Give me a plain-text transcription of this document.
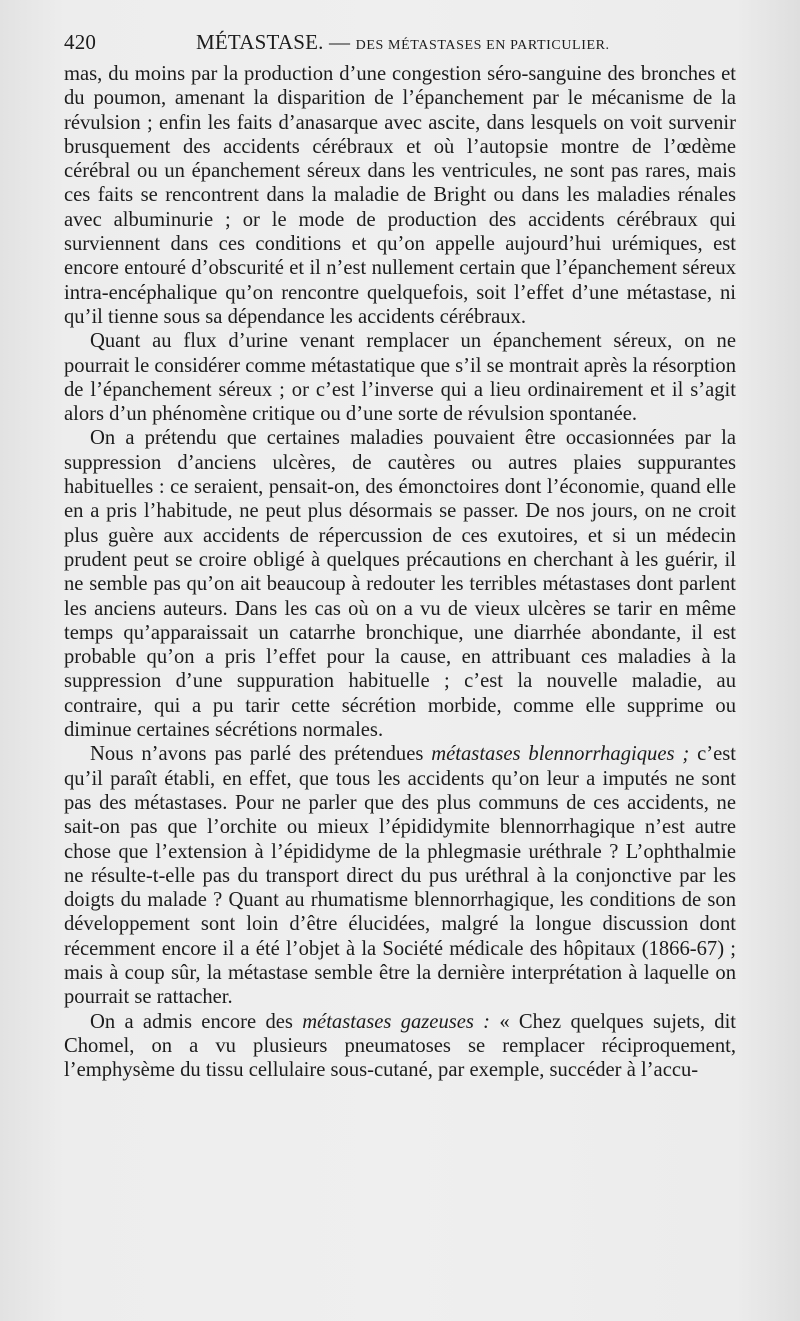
420	MÉTASTASE. — DES MÉTASTASES EN PARTICULIER.

mas, du moins par la production d’une congestion séro-sanguine des bronches et du poumon, amenant la disparition de l’épanchement par le mécanisme de la révulsion ; enfin les faits d’anasarque avec ascite, dans lesquels on voit survenir brusquement des accidents cérébraux et où l’autopsie montre de l’œdème cérébral ou un épanchement séreux dans les ventricules, ne sont pas rares, mais ces faits se rencontrent dans la maladie de Bright ou dans les maladies rénales avec albuminurie ; or le mode de production des accidents cérébraux qui surviennent dans ces conditions et qu’on appelle aujourd’hui urémiques, est encore entouré d’obscurité et il n’est nullement certain que l’épanchement séreux intra-encéphalique qu’on rencontre quelquefois, soit l’effet d’une métastase, ni qu’il tienne sous sa dépendance les accidents cérébraux.

Quant au flux d’urine venant remplacer un épanchement séreux, on ne pourrait le considérer comme métastatique que s’il se montrait après la résorption de l’épanchement séreux ; or c’est l’inverse qui a lieu ordinairement et il s’agit alors d’un phénomène critique ou d’une sorte de révulsion spontanée.

On a prétendu que certaines maladies pouvaient être occasionnées par la suppression d’anciens ulcères, de cautères ou autres plaies suppurantes habituelles : ce seraient, pensait-on, des émonctoires dont l’économie, quand elle en a pris l’habitude, ne peut plus désormais se passer. De nos jours, on ne croit plus guère aux accidents de répercussion de ces exutoires, et si un médecin prudent peut se croire obligé à quelques précautions en cherchant à les guérir, il ne semble pas qu’on ait beaucoup à redouter les terribles métastases dont parlent les anciens auteurs. Dans les cas où on a vu de vieux ulcères se tarir en même temps qu’apparaissait un catarrhe bronchique, une diarrhée abondante, il est probable qu’on a pris l’effet pour la cause, en attribuant ces maladies à la suppression d’une suppuration habituelle ; c’est la nouvelle maladie, au contraire, qui a pu tarir cette sécrétion morbide, comme elle supprime ou diminue certaines sécrétions normales.

Nous n’avons pas parlé des prétendues métastases blennorrhagiques ; c’est qu’il paraît établi, en effet, que tous les accidents qu’on leur a imputés ne sont pas des métastases. Pour ne parler que des plus communs de ces accidents, ne sait-on pas que l’orchite ou mieux l’épididymite blennorrhagique n’est autre chose que l’extension à l’épididyme de la phlegmasie uréthrale ? L’ophthalmie ne résulte-t-elle pas du transport direct du pus uréthral à la conjonctive par les doigts du malade ? Quant au rhumatisme blennorrhagique, les conditions de son développement sont loin d’être élucidées, malgré la longue discussion dont récemment encore il a été l’objet à la Société médicale des hôpitaux (1866-67) ; mais à coup sûr, la métastase semble être la dernière interprétation à laquelle on pourrait se rattacher.

On a admis encore des métastases gazeuses : « Chez quelques sujets, dit Chomel, on a vu plusieurs pneumatoses se remplacer réciproquement, l’emphysème du tissu cellulaire sous-cutané, par exemple, succéder à l’accu-
